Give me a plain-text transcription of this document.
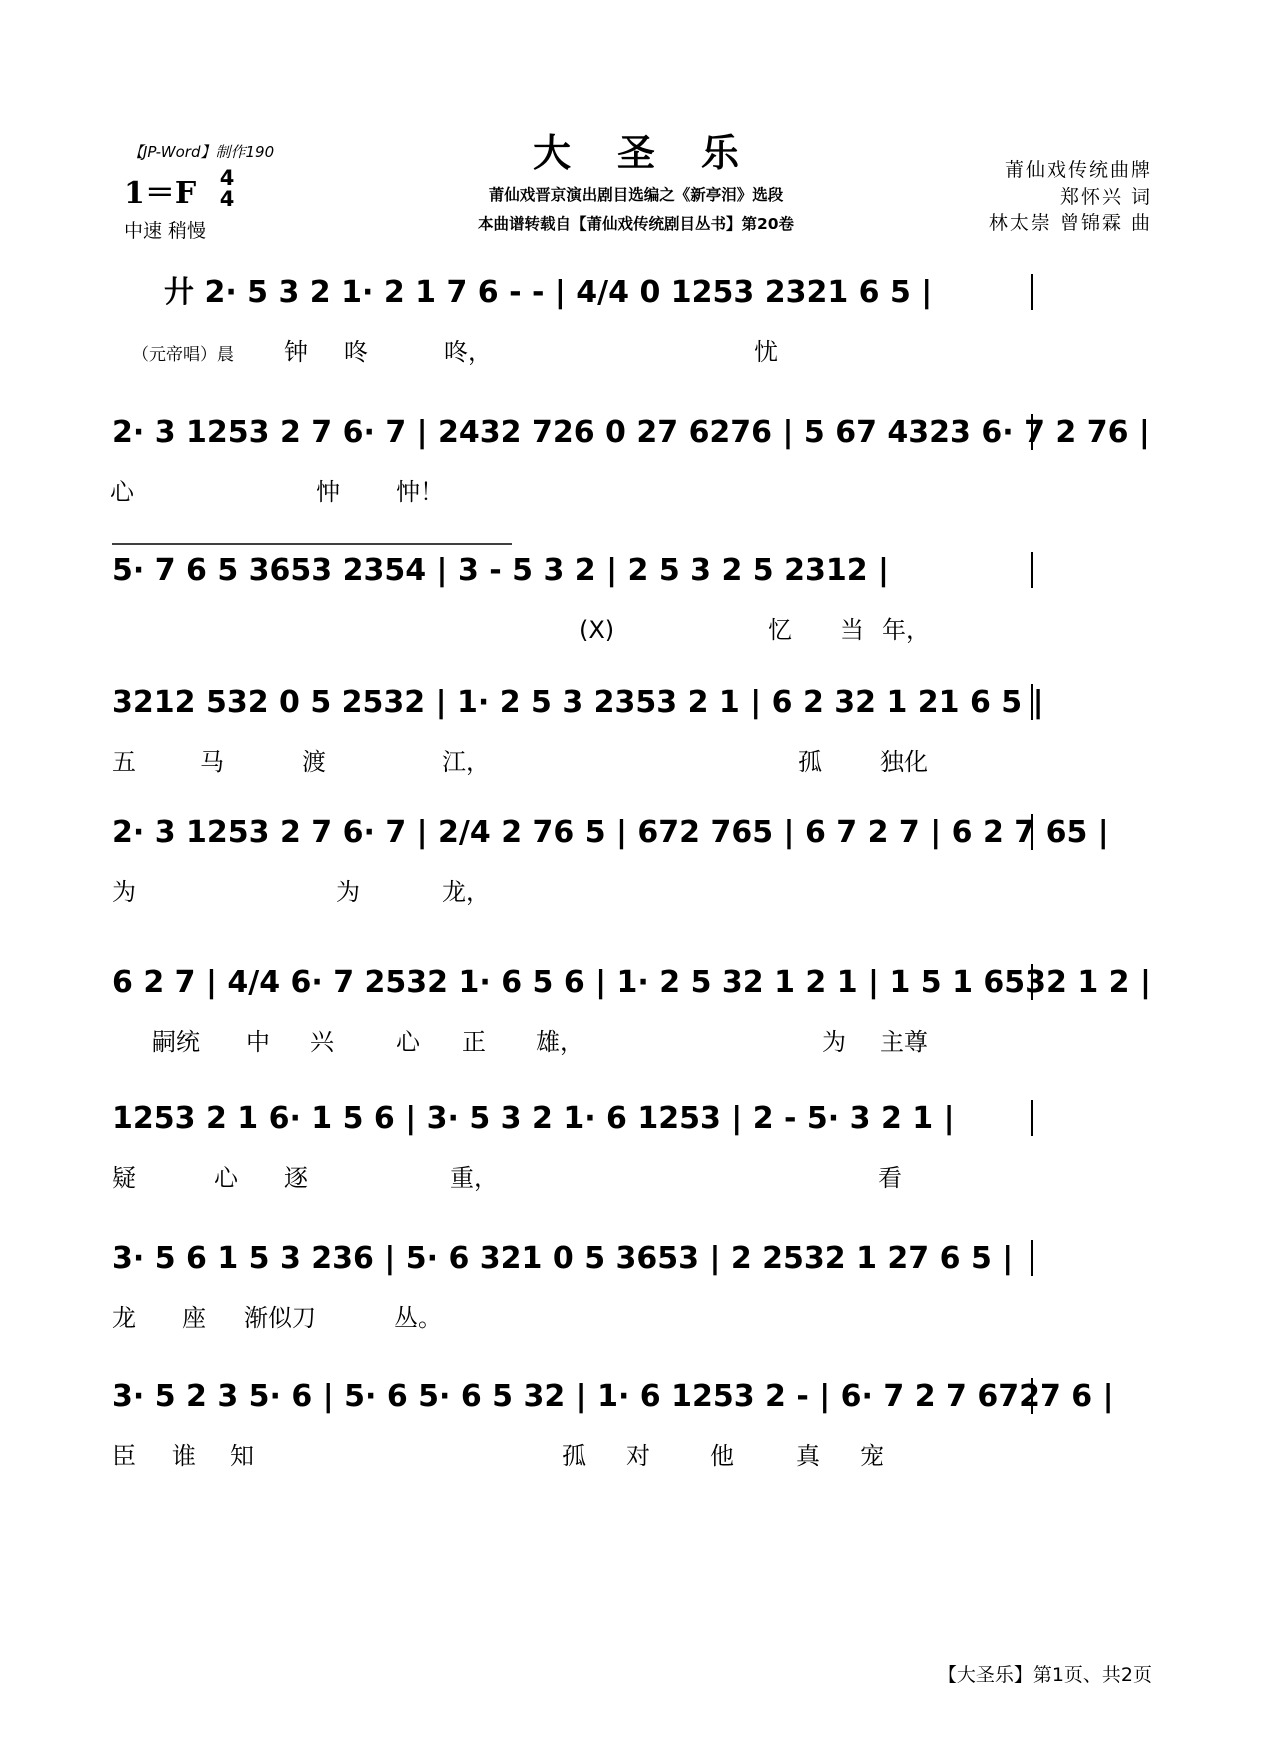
【JP-Word】制作190
1＝F 4
4
中速 稍慢
大圣乐
莆仙戏晋京演出剧目选编之《新亭泪》选段
本曲谱转载自【莆仙戏传统剧目丛书】第20卷
莆仙戏传统曲牌
郑怀兴 词
林太崇 曾锦霖 曲
廾 2· 5 3 2 1· 2 1 7 6 - - | 4/4 0 1253 2321 6 5 |
（元帝唱）晨 钟 咚	咚，	忧
2· 3 1253 2 7 6· 7 | 2432 726 0 27 6276 | 5 67 4323 6· 7 2 76 |
心	忡 忡！
5· 7 6 5 3653 2354 | 3 - 5 3 2 | 2 5 3 2 5 2312 |
(X)	忆 当 年，
3212 532 0 5 2532 | 1· 2 5 3 2353 2 1 | 6 2 32 1 21 6 5 |
五	马	渡	江，	孤 独化
2· 3 1253 2 7 6· 7 | 2/4 2 76 5 | 672 765 | 6 7 2 7 | 6 2 7 65 |
为	为	龙，
6 2 7 | 4/4 6· 7 2532 1· 6 5 6 | 1· 2 5 32 1 2 1 | 1 5 1 6532 1 2 |
嗣统 中 兴	心 正 雄，	为 主尊
1253 2 1 6· 1 5 6 | 3· 5 3 2 1· 6 1253 | 2 - 5· 3 2 1 |
疑	心 逐	重，	看
3· 5 6 1 5 3 236 | 5· 6 321 0 5 3653 | 2 2532 1 27 6 5 |
龙 座 渐似刀	丛。
3· 5 2 3 5· 6 | 5· 6 5· 6 5 32 | 1· 6 1253 2 - | 6· 7 2 7 6727 6 |
臣 谁 知	孤 对	他	真 宠
【大圣乐】第1页、共2页
